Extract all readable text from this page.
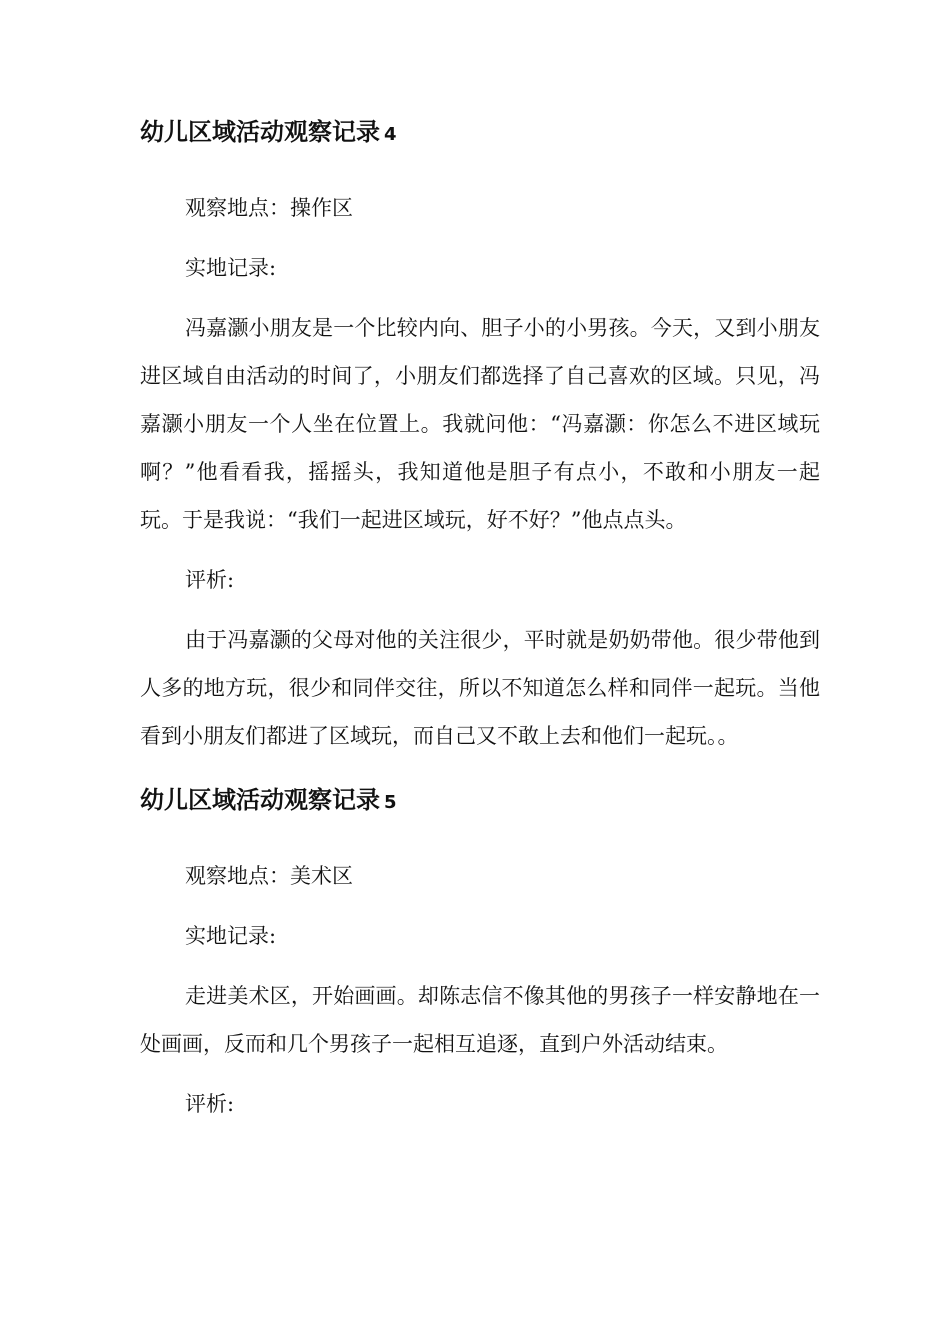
幼儿区域活动观察记录 4

观察地点：操作区

实地记录:

冯嘉灏小朋友是一个比较内向、胆子小的小男孩。今天，又到小朋友进区域自由活动的时间了，小朋友们都选择了自己喜欢的区域。只见，冯嘉灏小朋友一个人坐在位置上。我就问他：“冯嘉灏：你怎么不进区域玩啊？”他看看我，摇摇头，我知道他是胆子有点小，不敢和小朋友一起玩。于是我说：“我们一起进区域玩，好不好？”他点点头。

评析:

由于冯嘉灏的父母对他的关注很少，平时就是奶奶带他。很少带他到人多的地方玩，很少和同伴交往，所以不知道怎么样和同伴一起玩。当他看到小朋友们都进了区域玩，而自己又不敢上去和他们一起玩。。

幼儿区域活动观察记录 5

观察地点：美术区

实地记录:

走进美术区，开始画画。却陈志信不像其他的男孩子一样安静地在一处画画，反而和几个男孩子一起相互追逐，直到户外活动结束。

评析:
